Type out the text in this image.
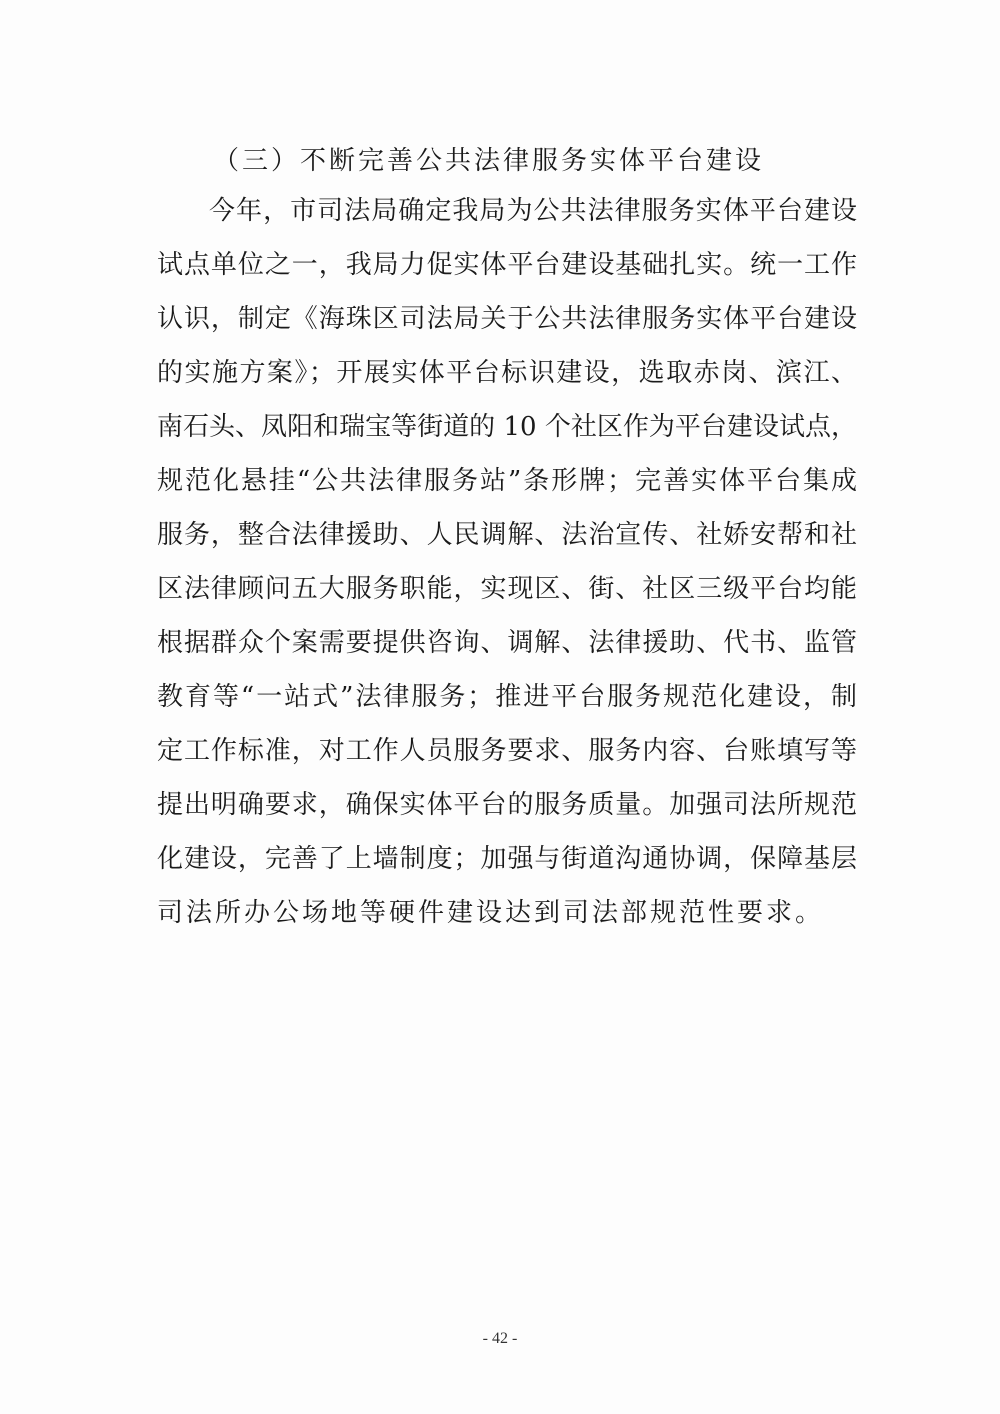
（三）不断完善公共法律服务实体平台建设

今年，市司法局确定我局为公共法律服务实体平台建设

试点单位之一，我局力促实体平台建设基础扎实。统一工作

认识，制定《海珠区司法局关于公共法律服务实体平台建设

的实施方案》；开展实体平台标识建设，选取赤岗、滨江、

南石头、凤阳和瑞宝等街道的 10 个社区作为平台建设试点，

规范化悬挂“公共法律服务站”条形牌；完善实体平台集成

服务，整合法律援助、人民调解、法治宣传、社娇安帮和社

区法律顾问五大服务职能，实现区、街、社区三级平台均能

根据群众个案需要提供咨询、调解、法律援助、代书、监管

教育等“一站式”法律服务；推进平台服务规范化建设，制

定工作标准，对工作人员服务要求、服务内容、台账填写等

提出明确要求，确保实体平台的服务质量。加强司法所规范

化建设，完善了上墙制度；加强与街道沟通协调，保障基层

司法所办公场地等硬件建设达到司法部规范性要求。

- 42 -
